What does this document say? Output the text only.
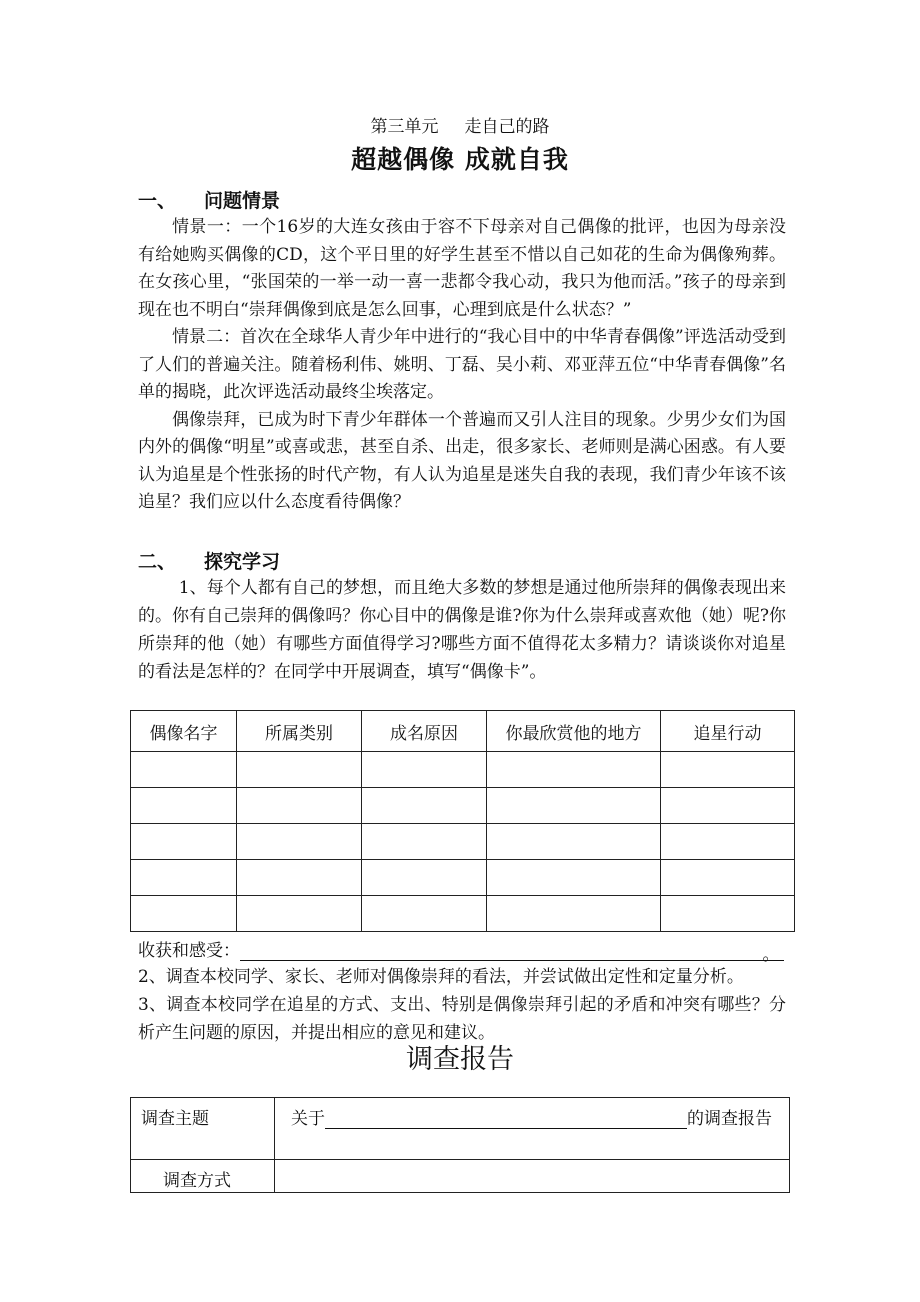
第三单元 走自己的路
超越偶像 成就自我
一、 问题情景

情景一：一个16岁的大连女孩由于容不下母亲对自己偶像的批评，也因为母亲没有给她购买偶像的CD，这个平日里的好学生甚至不惜以自己如花的生命为偶像殉葬。在女孩心里，“张国荣的一举一动一喜一悲都令我心动，我只为他而活。”孩子的母亲到现在也不明白“崇拜偶像到底是怎么回事，心理到底是什么状态？”

情景二：首次在全球华人青少年中进行的“我心目中的中华青春偶像”评选活动受到了人们的普遍关注。随着杨利伟、姚明、丁磊、吴小莉、邓亚萍五位“中华青春偶像”名单的揭晓，此次评选活动最终尘埃落定。

偶像崇拜，已成为时下青少年群体一个普遍而又引人注目的现象。少男少女们为国内外的偶像“明星”或喜或悲，甚至自杀、出走，很多家长、老师则是满心困惑。有人要认为追星是个性张扬的时代产物，有人认为追星是迷失自我的表现，我们青少年该不该追星？我们应以什么态度看待偶像？

二、 探究学习

1、每个人都有自己的梦想，而且绝大多数的梦想是通过他所崇拜的偶像表现出来的。你有自己崇拜的偶像吗？你心目中的偶像是谁?你为什么崇拜或喜欢他（她）呢?你所崇拜的他（她）有哪些方面值得学习?哪些方面不值得花太多精力？请谈谈你对追星的看法是怎样的？在同学中开展调查，填写“偶像卡”。

偶像名字	所属类别	成名原因	你最欣赏他的地方	追星行动

收获和感受：	。

2、调查本校同学、家长、老师对偶像崇拜的看法，并尝试做出定性和定量分析。

3、调查本校同学在追星的方式、支出、特别是偶像崇拜引起的矛盾和冲突有哪些？分析产生问题的原因，并提出相应的意见和建议。

调查报告
调查主题	关于 的调查报告
调查方式	
